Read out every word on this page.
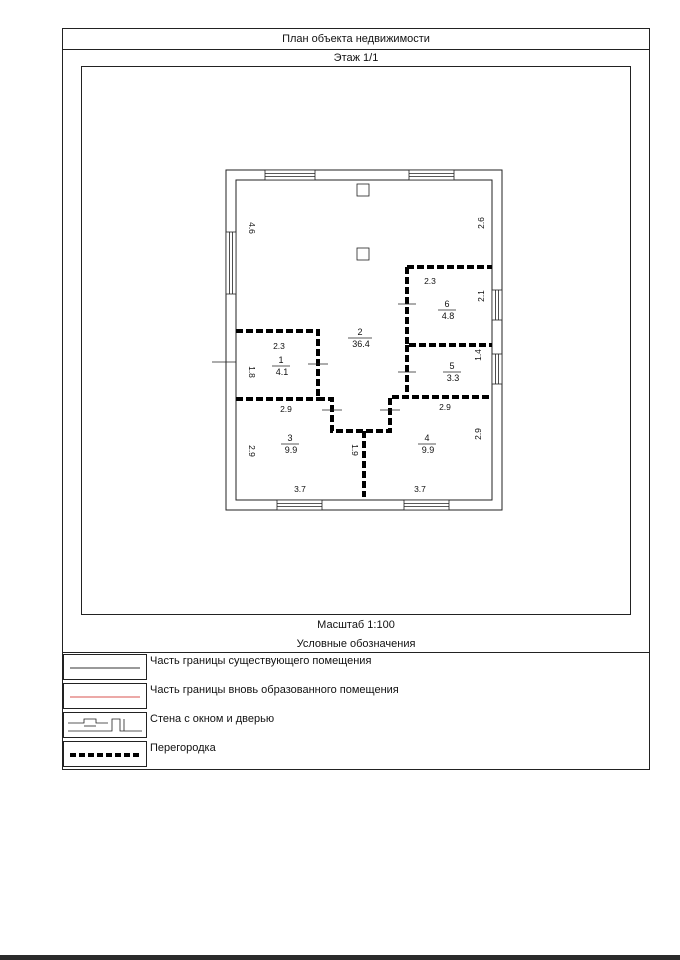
План объекта недвижимости
Этаж 1/1
1
4.1
2
36.4
3
9.9
4
9.9
5
3.3
6
4.8
4.6	2.6
2.3
2.1
2.3
1.8
1.4
2.9	2.9
2.9	1.9
2.9
3.7	3.7
Масштаб 1:100
Условные обозначения
Часть границы существующего помещения
Часть границы вновь образованного помещения
Стена с окном и дверью
Перегородка
